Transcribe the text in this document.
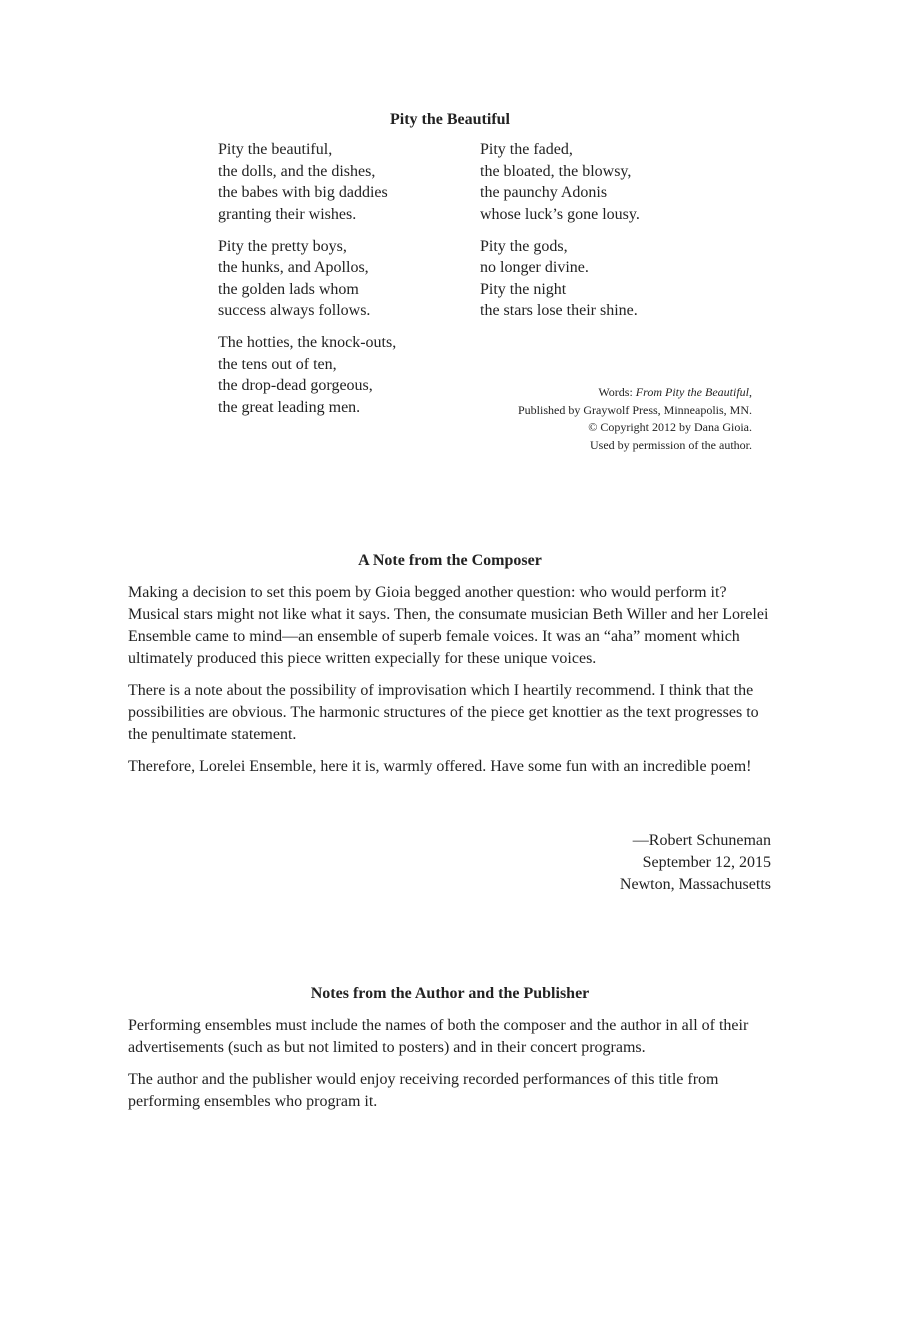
Pity the Beautiful
Pity the beautiful,
the dolls, and the dishes,
the babes with big daddies
granting their wishes.
Pity the pretty boys,
the hunks, and Apollos,
the golden lads whom
success always follows.
The hotties, the knock-outs,
the tens out of ten,
the drop-dead gorgeous,
the great leading men.
Pity the faded,
the bloated, the blowsy,
the paunchy Adonis
whose luck’s gone lousy.
Pity the gods,
no longer divine.
Pity the night
the stars lose their shine.
Words: From Pity the Beautiful,
Published by Graywolf Press, Minneapolis, MN.
© Copyright 2012 by Dana Gioia.
Used by permission of the author.
A Note from the Composer

Making a decision to set this poem by Gioia begged another question: who would perform it? Musical stars might not like what it says. Then, the consumate musician Beth Willer and her Lorelei Ensemble came to mind—an ensemble of superb female voices. It was an “aha” moment which ultimately produced this piece written expecially for these unique voices.

There is a note about the possibility of improvisation which I heartily recommend. I think that the possibilities are obvious. The harmonic structures of the piece get knottier as the text progresses to the penultimate statement.

Therefore, Lorelei Ensemble, here it is, warmly offered. Have some fun with an incredible poem!

—Robert Schuneman
September 12, 2015
Newton, Massachusetts
Notes from the Author and the Publisher

Performing ensembles must include the names of both the composer and the author in all of their advertisements (such as but not limited to posters) and in their concert programs.

The author and the publisher would enjoy receiving recorded performances of this title from performing ensembles who program it.
